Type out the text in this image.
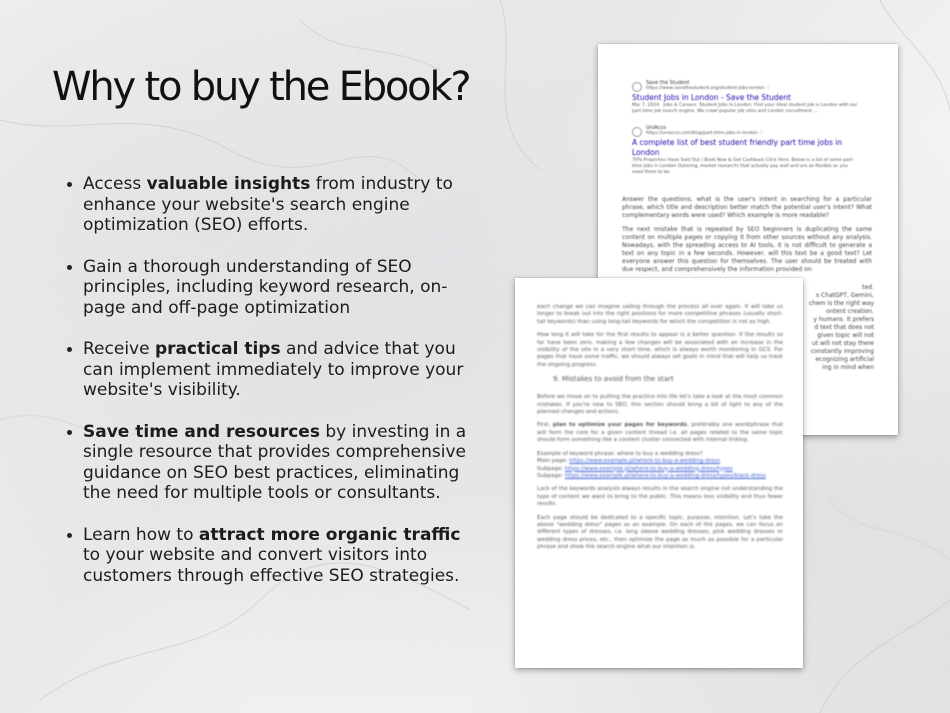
Why to buy the Ebook?
Access valuable insights from industry to enhance your website's search engine optimization (SEO) efforts.
Gain a thorough understanding of SEO principles, including keyword research, on-page and off-page optimization
Receive practical tips and advice that you can implement immediately to improve your website's visibility.
Save time and resources by investing in a single resource that provides comprehensive guidance on SEO best practices, eliminating the need for multiple tools or consultants.
Learn how to attract more organic traffic to your website and convert visitors into customers through effective SEO strategies.
Save the Student
https://www.savethestudent.org/student-jobs-london ⋮
Student Jobs in London - Save the Student
Mar 7, 2024 · Jobs & Careers. Student Jobs in London. Find your ideal student job in London with our part time job search engine. We crawl popular job sites and London recruitment ...
UniAcco
https://uniacco.com/blog/part-time-jobs-in-london ⋮
A complete list of best student friendly part time jobs in London
70% Properties Have Sold Out | Book Now & Get Cashback Click Here. Below is a list of some part-time jobs in London (tutoring, market research) that actually pay well and are as flexible as you need them to be.

Answer the questions, what is the user's intent in searching for a particular phrase, which title and description better match the potential user's intent? What complementary words were used? Which example is more readable?

The next mistake that is repeated by SEO beginners is duplicating the same content on multiple pages or copying it from other sources without any analysis. Nowadays, with the spreading access to AI tools, it is not difficult to generate a text on any topic in a few seconds. However, will this text be a good text? Let everyone answer this question for themselves. The user should be treated with due respect, and comprehensively the information provided on

ted.
s ChatGPT, Gemini,
chem is the right way
ontent creation.
y humans. It prefers
d text that does not
given topic will not
ut will not stay there
constantly improving
ecognizing artificial
ing in mind when

each change we can imagine sailing through the process all over again. It will take us longer to break out into the right positions for more competitive phrases (usually short-tail keywords) than using long-tail keywords for which the competition is not as high.

How long it will take for the first results to appear is a better question. If the results so far have been zero, making a few changes will be associated with an increase in the visibility of the site in a very short time, which is always worth monitoring in GCS. For pages that have some traffic, we should always set goals in mind that will help us track the ongoing progress.

9. Mistakes to avoid from the start

Before we move on to putting the practice into life let's take a look at the most common mistakes. If you're new to SEO, this section should bring a bit of light to any of the planned changes and actions.

First, plan to optimize your pages for keywords, preferably one word/phrase that will form the core for a given content thread i.e. all pages related to the same topic should form something like a content cluster connected with internal linking.

Example of keyword phrase: where to buy a wedding dress?
Main page: https://www.example.pl/where-to-buy-a-wedding-dress
Subpage: https://www.example.pl/where-to-buy-a-wedding-dress/types
Subpage: https://www.example.pl/where-to-buy-a-wedding-dress/types/black-dress

Lack of the keywords analysis always results in the search engine not understanding the type of content we want to bring to the public. This means less visibility and thus fewer results.

Each page should be dedicated to a specific topic, purpose, intention. Let's take the above "wedding dress" pages as an example. On each of the pages, we can focus on different types of dresses, i.e. long sleeve wedding dresses, pink wedding dresses or wedding dress prices, etc., then optimize the page as much as possible for a particular phrase and show the search engine what our intention is.
